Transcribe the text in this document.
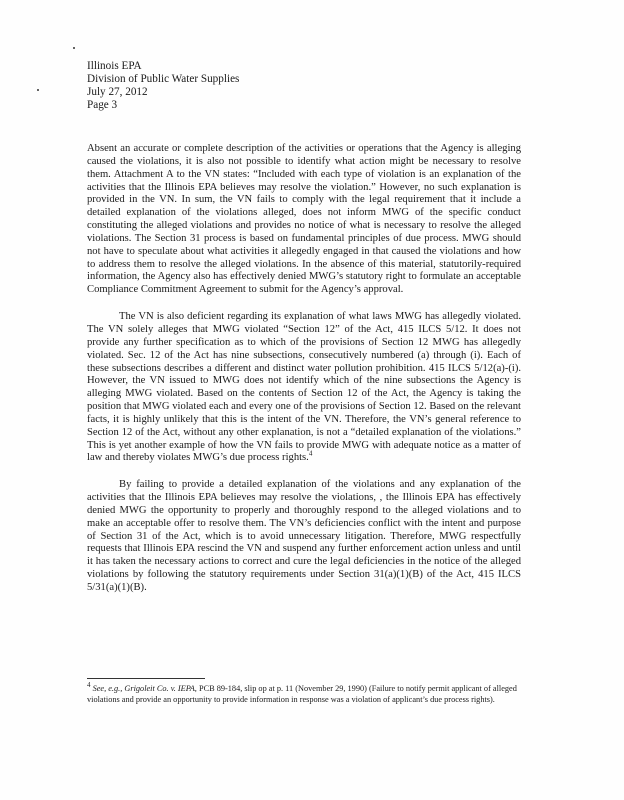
Illinois EPA
Division of Public Water Supplies
July 27, 2012
Page 3

Absent an accurate or complete description of the activities or operations that the Agency is alleging caused the violations, it is also not possible to identify what action might be necessary to resolve them. Attachment A to the VN states: “Included with each type of violation is an explanation of the activities that the Illinois EPA believes may resolve the violation.” However, no such explanation is provided in the VN. In sum, the VN fails to comply with the legal requirement that it include a detailed explanation of the violations alleged, does not inform MWG of the specific conduct constituting the alleged violations and provides no notice of what is necessary to resolve the alleged violations. The Section 31 process is based on fundamental principles of due process. MWG should not have to speculate about what activities it allegedly engaged in that caused the violations and how to address them to resolve the alleged violations. In the absence of this material, statutorily-required information, the Agency also has effectively denied MWG’s statutory right to formulate an acceptable Compliance Commitment Agreement to submit for the Agency’s approval.

The VN is also deficient regarding its explanation of what laws MWG has allegedly violated. The VN solely alleges that MWG violated “Section 12” of the Act, 415 ILCS 5/12. It does not provide any further specification as to which of the provisions of Section 12 MWG has allegedly violated. Sec. 12 of the Act has nine subsections, consecutively numbered (a) through (i). Each of these subsections describes a different and distinct water pollution prohibition. 415 ILCS 5/12(a)-(i). However, the VN issued to MWG does not identify which of the nine subsections the Agency is alleging MWG violated. Based on the contents of Section 12 of the Act, the Agency is taking the position that MWG violated each and every one of the provisions of Section 12. Based on the relevant facts, it is highly unlikely that this is the intent of the VN. Therefore, the VN’s general reference to Section 12 of the Act, without any other explanation, is not a “detailed explanation of the violations.” This is yet another example of how the VN fails to provide MWG with adequate notice as a matter of law and thereby violates MWG’s due process rights.$^4$

By failing to provide a detailed explanation of the violations and any explanation of the activities that the Illinois EPA believes may resolve the violations, , the Illinois EPA has effectively denied MWG the opportunity to properly and thoroughly respond to the alleged violations and to make an acceptable offer to resolve them. The VN’s deficiencies conflict with the intent and purpose of Section 31 of the Act, which is to avoid unnecessary litigation. Therefore, MWG respectfully requests that Illinois EPA rescind the VN and suspend any further enforcement action unless and until it has taken the necessary actions to correct and cure the legal deficiencies in the notice of the alleged violations by following the statutory requirements under Section 31(a)(1)(B) of the Act, 415 ILCS 5/31(a)(1)(B).

$^4$ See, e.g., Grigoleit Co. v. IEPA, PCB 89-184, slip op at p. 11 (November 29, 1990) (Failure to notify permit applicant of alleged violations and provide an opportunity to provide information in response was a violation of applicant’s due process rights).
